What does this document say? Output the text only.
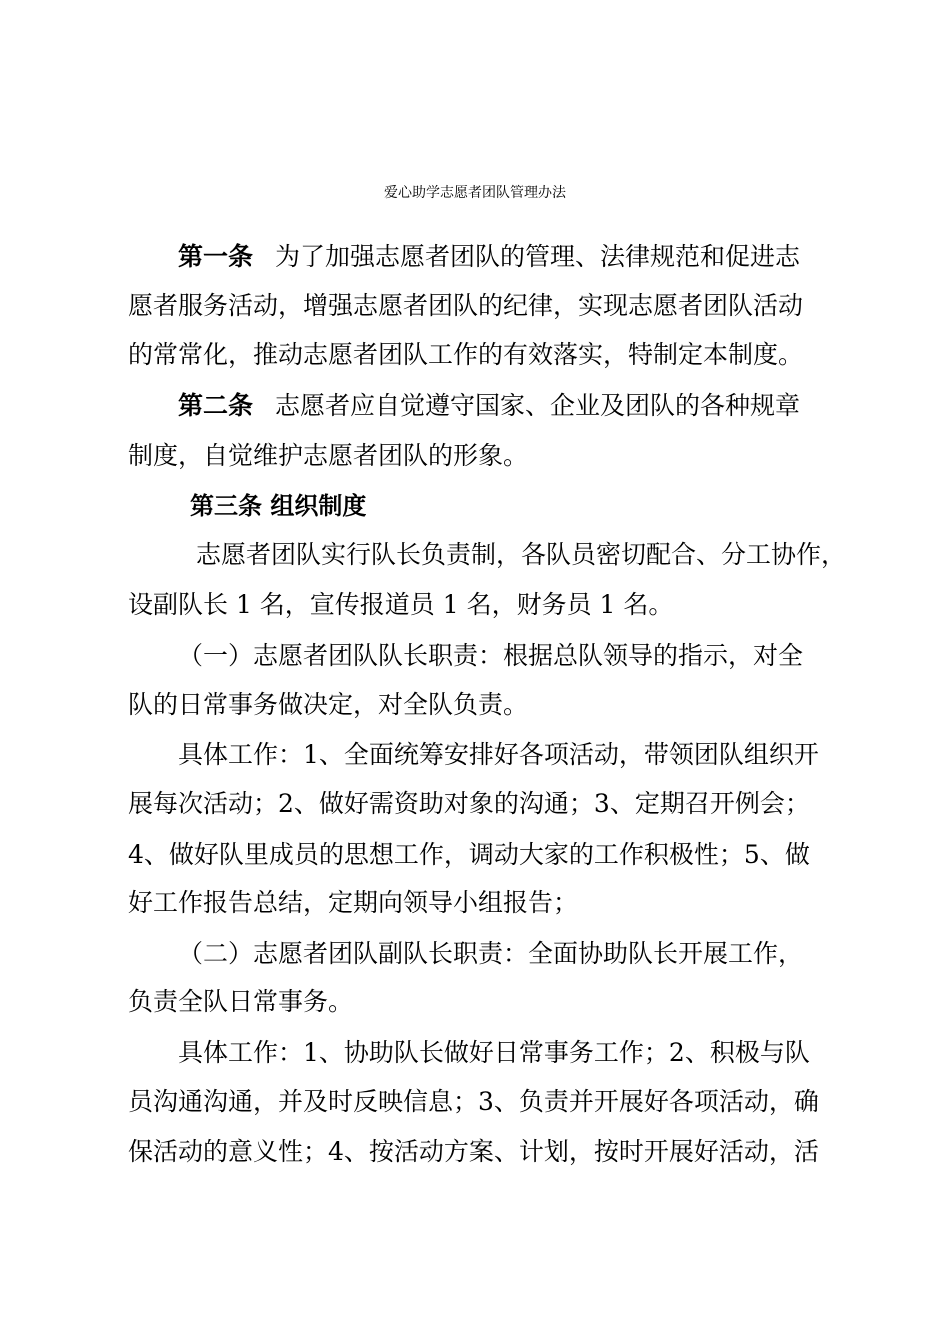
爱心助学志愿者团队管理办法
第一条 为了加强志愿者团队的管理、法律规范和促进志
愿者服务活动，增强志愿者团队的纪律，实现志愿者团队活动
的常常化，推动志愿者团队工作的有效落实，特制定本制度。
第二条 志愿者应自觉遵守国家、企业及团队的各种规章
制度，自觉维护志愿者团队的形象。
第三条 组织制度
志愿者团队实行队长负责制，各队员密切配合、分工协作，
设副队长 1 名，宣传报道员 1 名，财务员 1 名。
（一）志愿者团队队长职责：根据总队领导的指示，对全
队的日常事务做决定，对全队负责。
具体工作：1、全面统筹安排好各项活动，带领团队组织开
展每次活动；2、做好需资助对象的沟通；3、定期召开例会；
4、做好队里成员的思想工作，调动大家的工作积极性；5、做
好工作报告总结，定期向领导小组报告；
（二）志愿者团队副队长职责：全面协助队长开展工作，
负责全队日常事务。
具体工作：1、协助队长做好日常事务工作；2、积极与队
员沟通沟通，并及时反映信息；3、负责并开展好各项活动，确
保活动的意义性；4、按活动方案、计划，按时开展好活动，活
